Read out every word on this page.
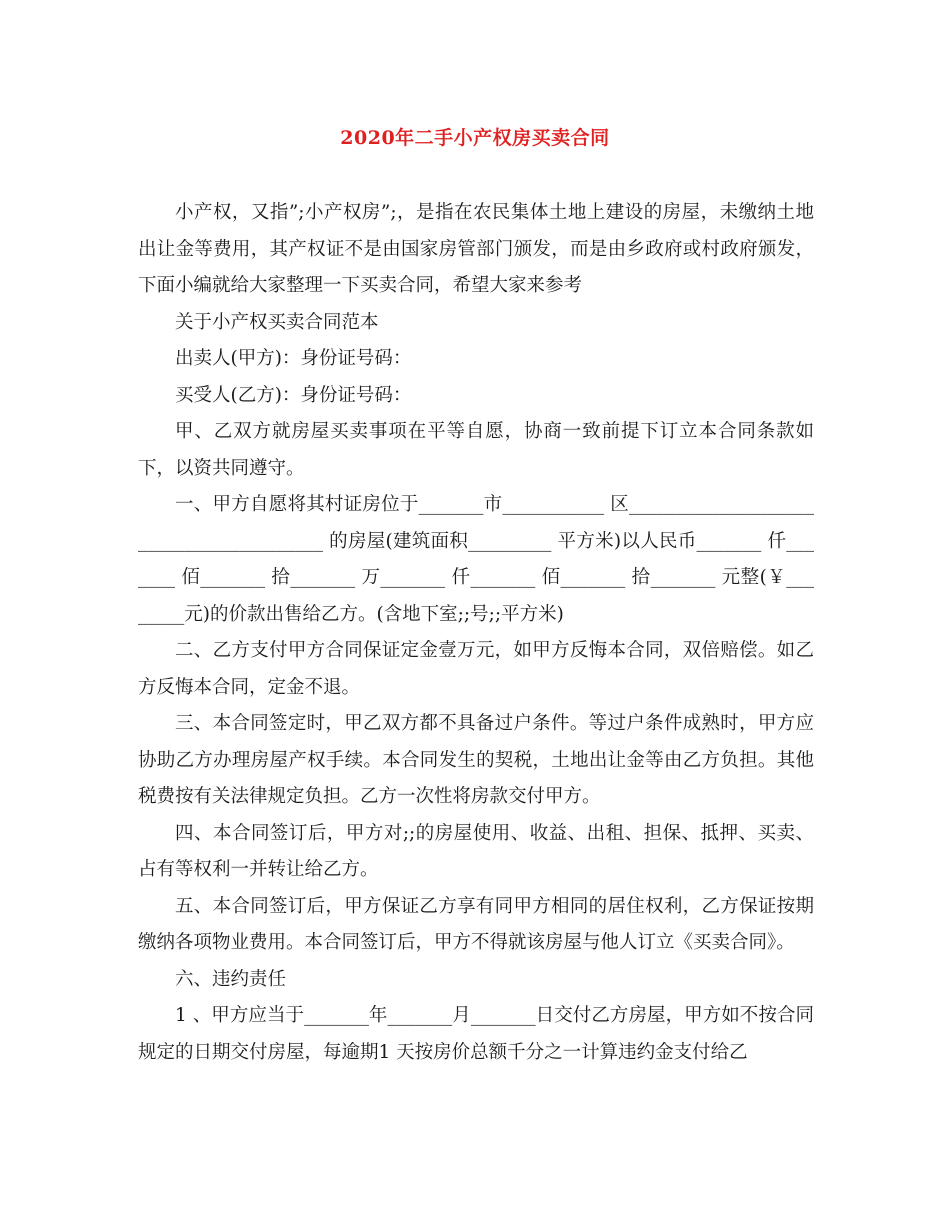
2020年二手小产权房买卖合同

小产权，又指”;小产权房”;，是指在农民集体土地上建设的房屋，未缴纳土地出让金等费用，其产权证不是由国家房管部门颁发，而是由乡政府或村政府颁发，下面小编就给大家整理一下买卖合同，希望大家来参考

关于小产权买卖合同范本

出卖人(甲方)：身份证号码：

买受人(乙方)：身份证号码：

甲、乙双方就房屋买卖事项在平等自愿，协商一致前提下订立本合同条款如下，以资共同遵守。

一、甲方自愿将其村证房位于_______市___________ 区________________________________________ 的房屋(建筑面积_________ 平方米)以人民币_______ 仟_______ 佰_______ 拾_______ 万_______ 仟_______ 佰_______ 拾_______ 元整(￥________元)的价款出售给乙方。(含地下室;;号;;平方米)

二、乙方支付甲方合同保证定金壹万元，如甲方反悔本合同，双倍赔偿。如乙方反悔本合同，定金不退。

三、本合同签定时，甲乙双方都不具备过户条件。等过户条件成熟时，甲方应协助乙方办理房屋产权手续。本合同发生的契税，土地出让金等由乙方负担。其他税费按有关法律规定负担。乙方一次性将房款交付甲方。

四、本合同签订后，甲方对;;的房屋使用、收益、出租、担保、抵押、买卖、占有等权利一并转让给乙方。

五、本合同签订后，甲方保证乙方享有同甲方相同的居住权利，乙方保证按期缴纳各项物业费用。本合同签订后，甲方不得就该房屋与他人订立《买卖合同》。

六、违约责任

1 、甲方应当于_______年_______月_______日交付乙方房屋，甲方如不按合同规定的日期交付房屋，每逾期1 天按房价总额千分之一计算违约金支付给乙
